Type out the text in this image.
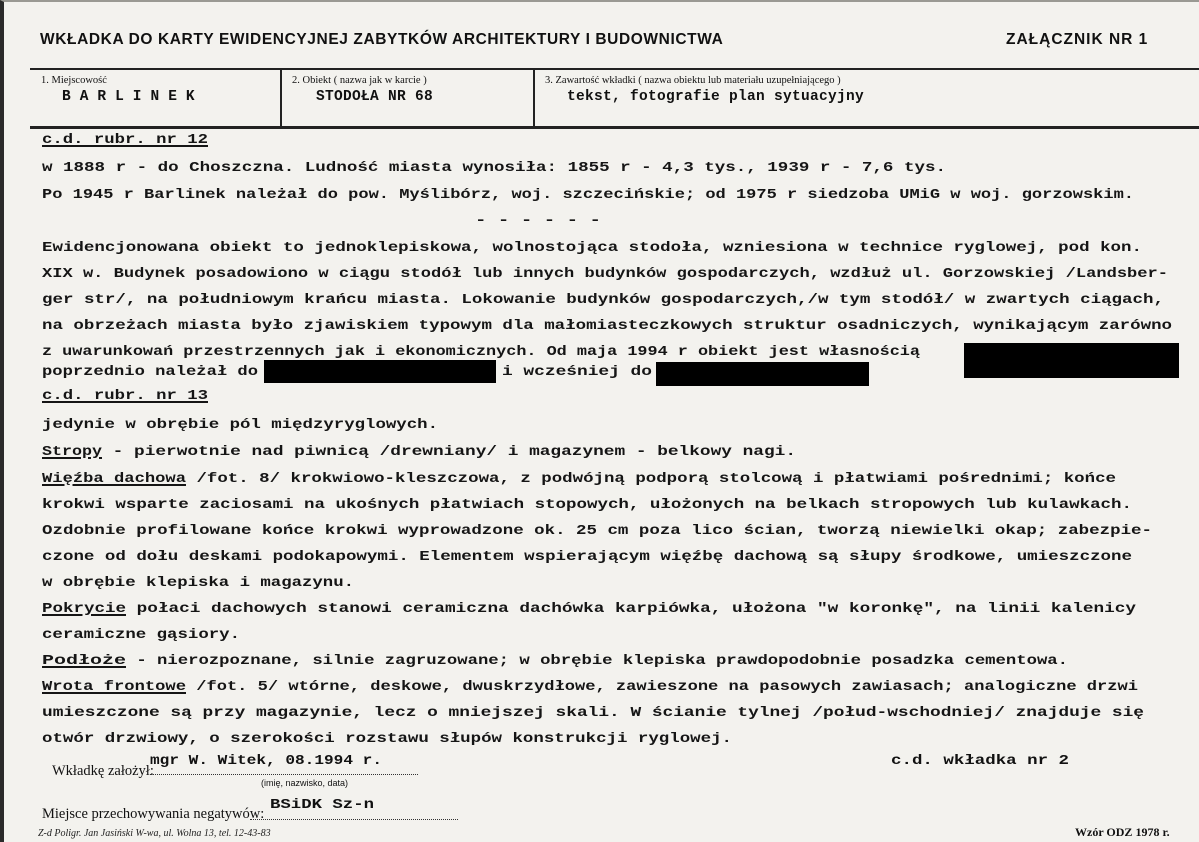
WKŁADKA DO KARTY EWIDENCYJNEJ ZABYTKÓW ARCHITEKTURY I BUDOWNICTWA	ZAŁĄCZNIK NR 1
1. Miejscowość
BARLINEK
2. Obiekt ( nazwa jak w karcie )
STODOŁA NR 68
3. Zawartość wkładki ( nazwa obiektu lub materiału uzupełniającego )
tekst, fotografie plan sytuacyjny
c.d. rubr. nr 12
w 1888 r - do Choszczna. Ludność miasta wynosiła: 1855 r - 4,3 tys., 1939 r - 7,6 tys.
Po 1945 r Barlinek należał do pow. Myślibórz, woj. szczecińskie; od 1975 r siedzoba UMiG w woj. gorzowskim.
- - - - - -
Ewidencjonowana obiekt to jednoklepiskowa, wolnostojąca stodoła, wzniesiona w technice ryglowej, pod kon.
XIX w. Budynek posadowiono w ciągu stodół lub innych budynków gospodarczych, wzdłuż ul. Gorzowskiej /Landsber-
ger str/, na południowym krańcu miasta. Lokowanie budynków gospodarczych,/w tym stodół/ w zwartych ciągach,
na obrzeżach miasta było zjawiskiem typowym dla małomiasteczkowych struktur osadniczych, wynikającym zarówno
z uwarunkowań przestrzennych jak i ekonomicznych. Od maja 1994 r obiekt jest własnością
poprzednio należał do	i wcześniej do
c.d. rubr. nr 13
jedynie w obrębie pól międzyryglowych.
Stropy - pierwotnie nad piwnicą /drewniany/ i magazynem - belkowy nagi.
Więźba dachowa /fot. 8/ krokwiowo-kleszczowa, z podwójną podporą stolcową i płatwiami pośrednimi; końce
krokwi wsparte zaciosami na ukośnych płatwiach stopowych, ułożonych na belkach stropowych lub kulawkach.
Ozdobnie profilowane końce krokwi wyprowadzone ok. 25 cm poza lico ścian, tworzą niewielki okap; zabezpie-
czone od dołu deskami podokapowymi. Elementem wspierającym więźbę dachową są słupy środkowe, umieszczone
w obrębie klepiska i magazynu.
Pokrycie połaci dachowych stanowi ceramiczna dachówka karpiówka, ułożona "w koronkę", na linii kalenicy
ceramiczne gąsiory.
Podłoże - nierozpoznane, silnie zagruzowane; w obrębie klepiska prawdopodobnie posadzka cementowa.
Wrota frontowe /fot. 5/ wtórne, deskowe, dwuskrzydłowe, zawieszone na pasowych zawiasach; analogiczne drzwi
umieszczone są przy magazynie, lecz o mniejszej skali. W ścianie tylnej /połud-wschodniej/ znajduje się
otwór drzwiowy, o szerokości rozstawu słupów konstrukcji ryglowej.
Wkładkę założył:
mgr W. Witek, 08.1994 r.
(imię, nazwisko, data)
c.d. wkładka nr 2
Miejsce przechowywania negatywów:
BSiDK Sz-n
Z-d Poligr. Jan Jasiński W-wa, ul. Wolna 13, tel. 12-43-83	Wzór ODZ 1978 r.
